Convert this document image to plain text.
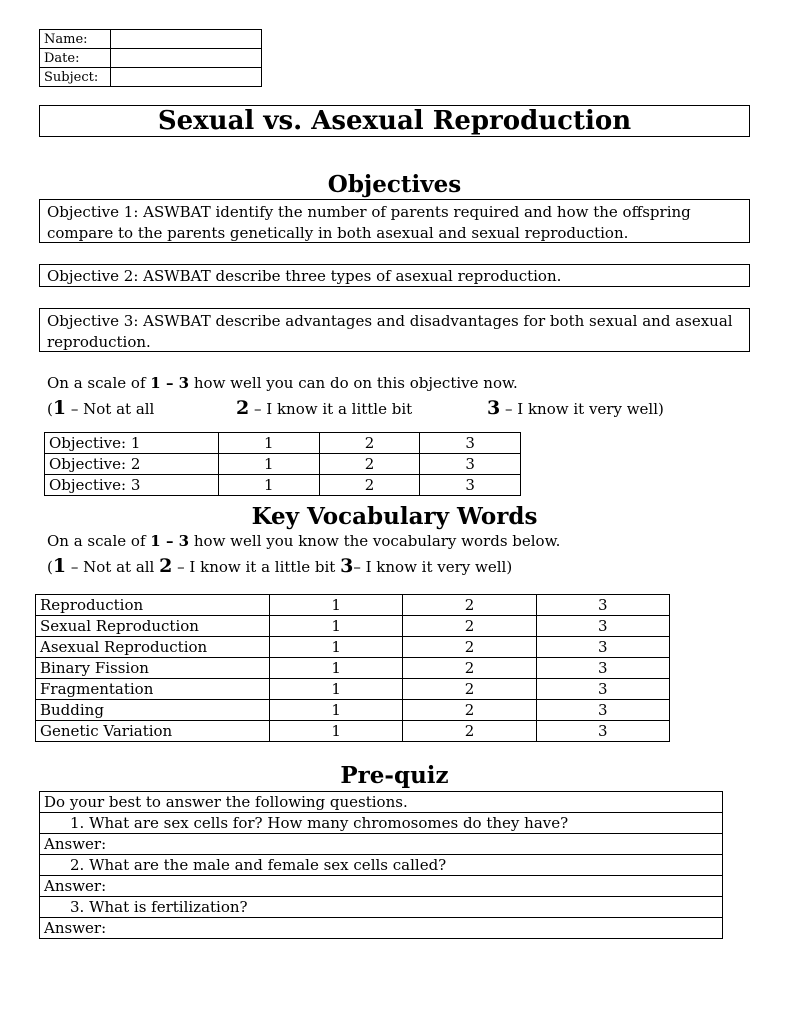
Name:	
Date:	
Subject:	
Sexual vs. Asexual Reproduction
Objectives
Objective 1: ASWBAT identify the number of parents required and how the offspring compare to the parents genetically in both asexual and sexual reproduction.
Objective 2: ASWBAT describe three types of asexual reproduction.
Objective 3: ASWBAT describe advantages and disadvantages for both sexual and asexual reproduction.
On a scale of 1 – 3 how well you can do on this objective now.
(1 – Not at all	2 – I know it a little bit	3 – I know it very well)
Objective: 1	1	2	3
Objective: 2	1	2	3
Objective: 3	1	2	3
Key Vocabulary Words
On a scale of 1 – 3 how well you know the vocabulary words below.
(1 – Not at all 2 – I know it a little bit 3– I know it very well)
Reproduction	1	2	3
Sexual Reproduction	1	2	3
Asexual Reproduction	1	2	3
Binary Fission	1	2	3
Fragmentation	1	2	3
Budding	1	2	3
Genetic Variation	1	2	3
Pre-quiz
Do your best to answer the following questions.
1. What are sex cells for? How many chromosomes do they have?
Answer:
2. What are the male and female sex cells called?
Answer:
3. What is fertilization?
Answer:
